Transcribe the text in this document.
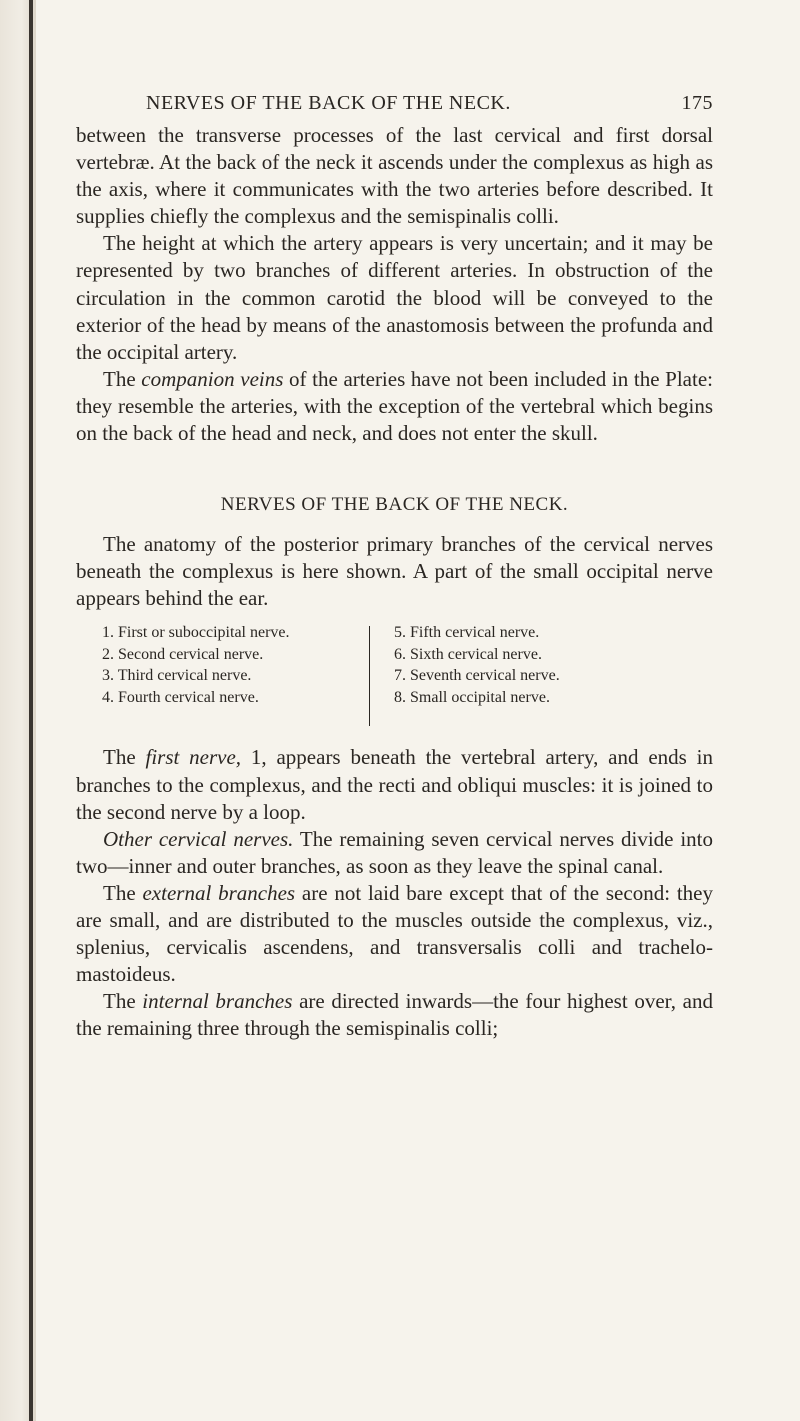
NERVES OF THE BACK OF THE NECK.	175

between the transverse processes of the last cervical and first dorsal vertebræ. At the back of the neck it ascends under the complexus as high as the axis, where it communicates with the two arteries before described. It supplies chiefly the complexus and the semispinalis colli.

The height at which the artery appears is very uncertain; and it may be represented by two branches of different arteries. In obstruction of the circulation in the common carotid the blood will be conveyed to the exterior of the head by means of the anastomosis between the profunda and the occipital artery.

The companion veins of the arteries have not been included in the Plate: they resemble the arteries, with the exception of the vertebral which begins on the back of the head and neck, and does not enter the skull.

NERVES OF THE BACK OF THE NECK.

The anatomy of the posterior primary branches of the cervical nerves beneath the complexus is here shown. A part of the small occipital nerve appears behind the ear.

1. First or suboccipital nerve.
2. Second cervical nerve.
3. Third cervical nerve.
4. Fourth cervical nerve.
5. Fifth cervical nerve.
6. Sixth cervical nerve.
7. Seventh cervical nerve.
8. Small occipital nerve.

The first nerve, 1, appears beneath the vertebral artery, and ends in branches to the complexus, and the recti and obliqui muscles: it is joined to the second nerve by a loop.

Other cervical nerves. The remaining seven cervical nerves divide into two—inner and outer branches, as soon as they leave the spinal canal.

The external branches are not laid bare except that of the second: they are small, and are distributed to the muscles outside the complexus, viz., splenius, cervicalis ascendens, and transversalis colli and trachelo-mastoideus.

The internal branches are directed inwards—the four highest over, and the remaining three through the semispinalis colli;
